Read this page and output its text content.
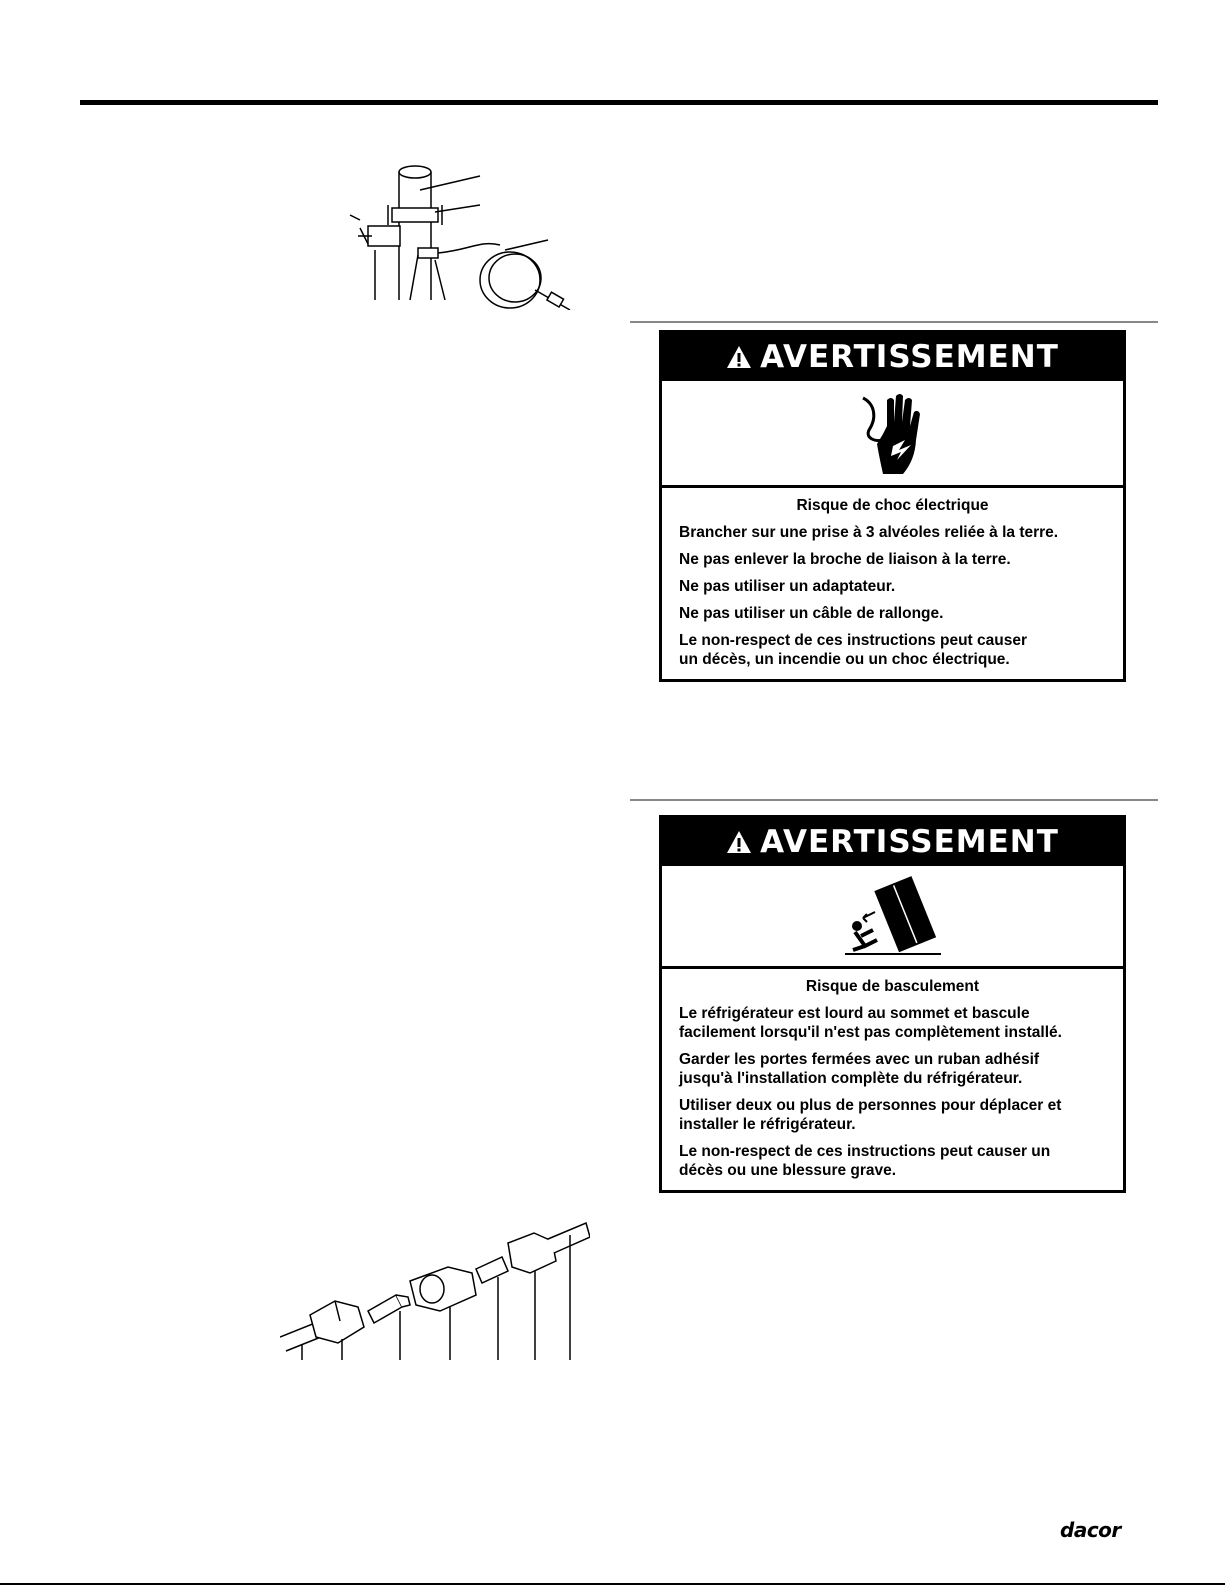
AVERTISSEMENT
Risque de choc électrique
Brancher sur une prise à 3 alvéoles reliée à la terre.
Ne pas enlever la broche de liaison à la terre.
Ne pas utiliser un adaptateur.
Ne pas utiliser un câble de rallonge.
Le non-respect de ces instructions peut causer un décès, un incendie ou un choc électrique.
AVERTISSEMENT
Risque de basculement
Le réfrigérateur est lourd au sommet et bascule facilement lorsqu'il n'est pas complètement installé.
Garder les portes fermées avec un ruban adhésif jusqu'à l'installation complète du réfrigérateur.
Utiliser deux ou plus de personnes pour déplacer et installer le réfrigérateur.
Le non-respect de ces instructions peut causer un décès ou une blessure grave.
dacor
